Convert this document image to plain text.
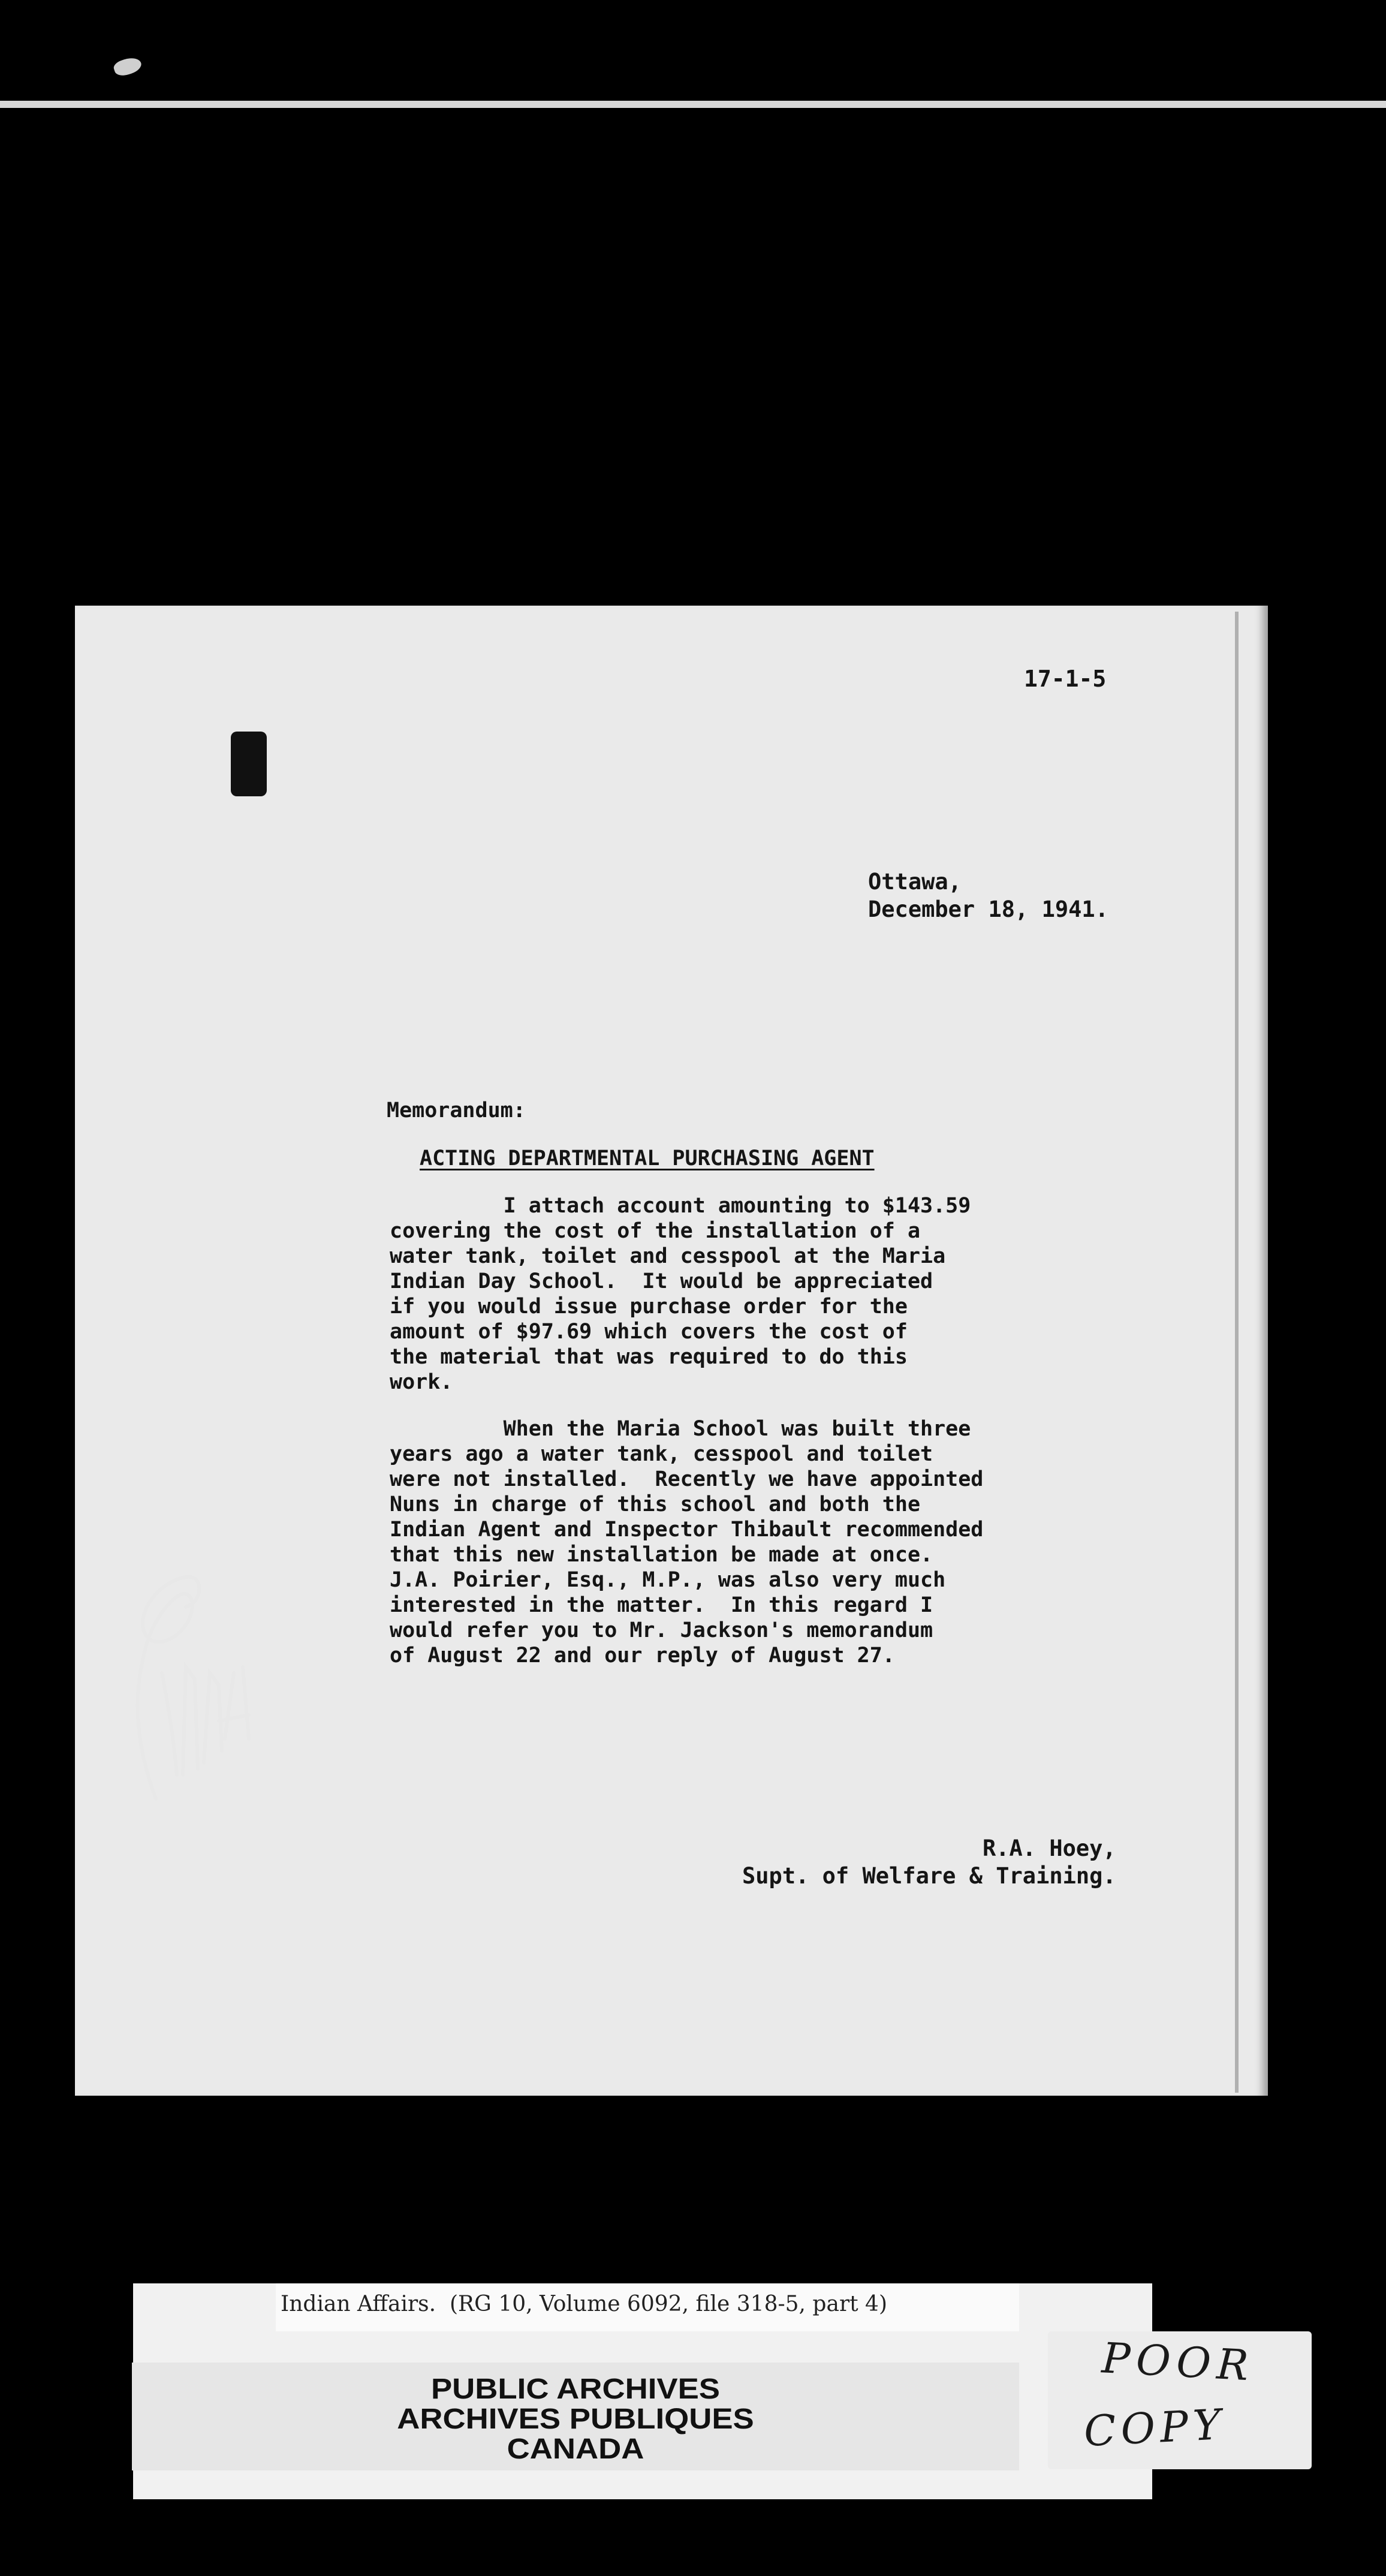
17-1-5
Ottawa,
December 18, 1941.
Memorandum:
ACTING DEPARTMENTAL PURCHASING AGENT
I attach account amounting to $143.59
covering the cost of the installation of a
water tank, toilet and cesspool at the Maria
Indian Day School.  It would be appreciated
if you would issue purchase order for the
amount of $97.69 which covers the cost of
the material that was required to do this
work.
When the Maria School was built three
years ago a water tank, cesspool and toilet
were not installed.  Recently we have appointed
Nuns in charge of this school and both the
Indian Agent and Inspector Thibault recommended
that this new installation be made at once.
J.A. Poirier, Esq., M.P., was also very much
interested in the matter.  In this regard I
would refer you to Mr. Jackson's memorandum
of August 22 and our reply of August 27.
R.A. Hoey,
Supt. of Welfare & Training.
Indian Affairs.  (RG 10, Volume 6092, file 318-5, part 4)
PUBLIC ARCHIVES
ARCHIVES PUBLIQUES
CANADA
POOR
COPY
